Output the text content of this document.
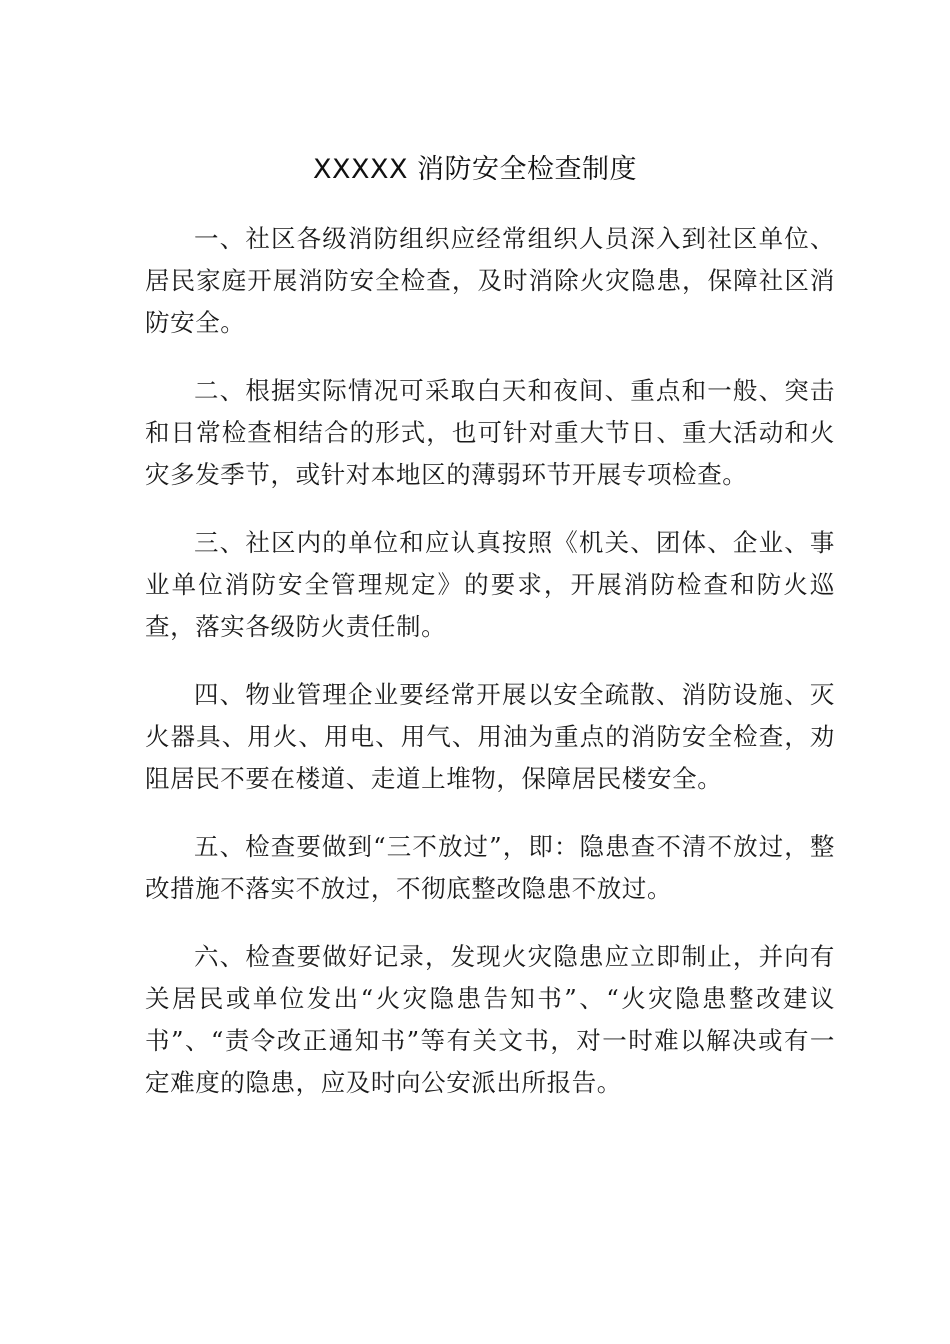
XXXXX 消防安全检查制度

一、社区各级消防组织应经常组织人员深入到社区单位、居民家庭开展消防安全检查，及时消除火灾隐患，保障社区消防安全。

二、根据实际情况可采取白天和夜间、重点和一般、突击和日常检查相结合的形式，也可针对重大节日、重大活动和火灾多发季节，或针对本地区的薄弱环节开展专项检查。

三、社区内的单位和应认真按照《机关、团体、企业、事业单位消防安全管理规定》的要求，开展消防检查和防火巡查，落实各级防火责任制。

四、物业管理企业要经常开展以安全疏散、消防设施、灭火器具、用火、用电、用气、用油为重点的消防安全检查，劝阻居民不要在楼道、走道上堆物，保障居民楼安全。

五、检查要做到“三不放过”，即：隐患查不清不放过，整改措施不落实不放过，不彻底整改隐患不放过。

六、检查要做好记录，发现火灾隐患应立即制止，并向有关居民或单位发出“火灾隐患告知书”、“火灾隐患整改建议书”、“责令改正通知书”等有关文书，对一时难以解决或有一定难度的隐患，应及时向公安派出所报告。
